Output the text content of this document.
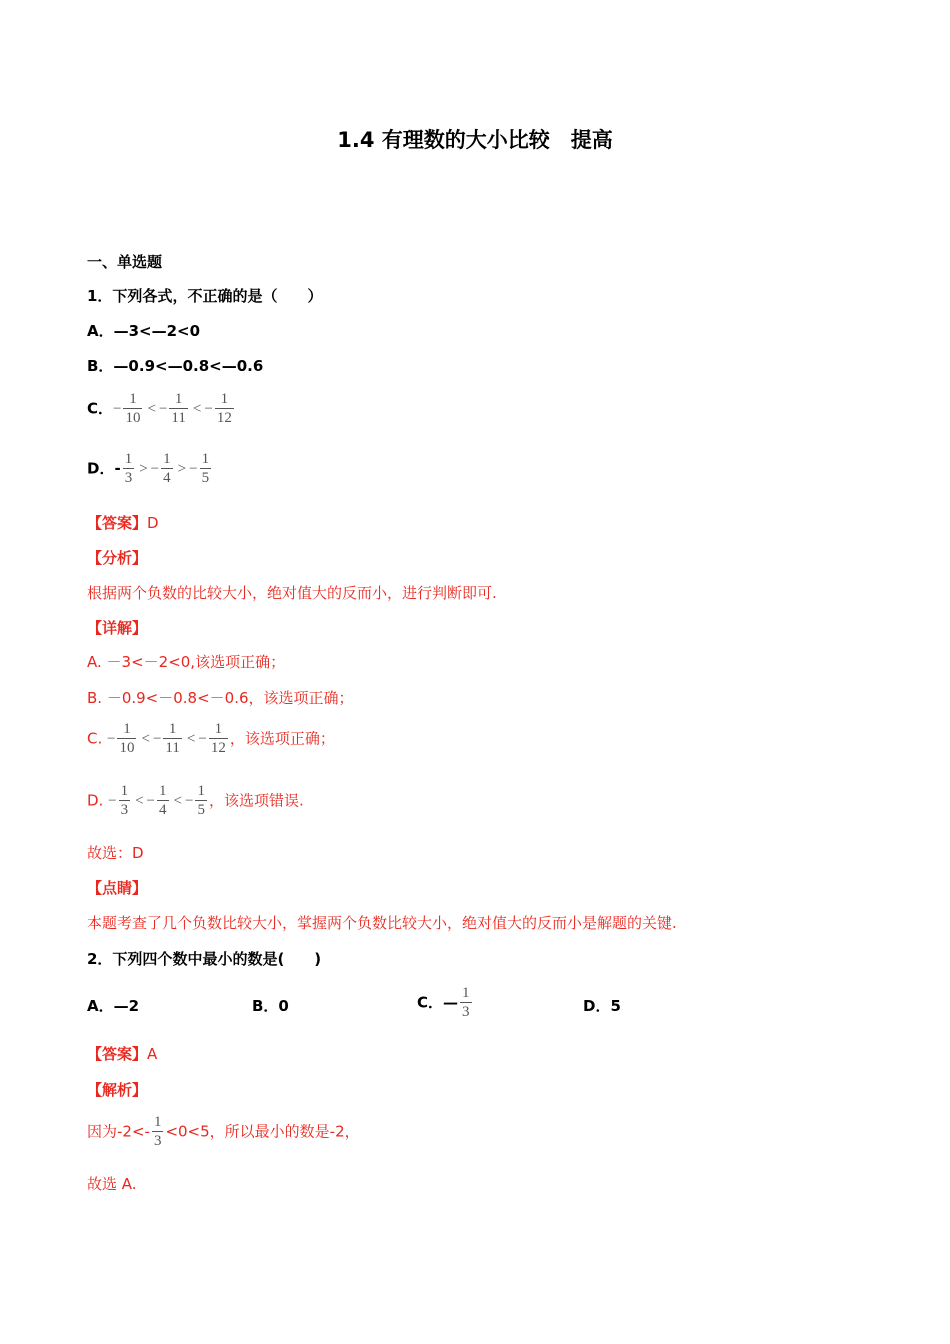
1.4 有理数的大小比较　提高
一、单选题
1．下列各式，不正确的是（　　）
A．—3<—2<0
B．—0.9<—0.8<—0.6
C． − $\frac{1}{10}$ < − $\frac{1}{11}$ < − $\frac{1}{12}$
D．- $\frac{1}{3}$ > − $\frac{1}{4}$ > − $\frac{1}{5}$
【答案】D
【分析】
根据两个负数的比较大小，绝对值大的反而小，进行判断即可.
【详解】
A. －3<－2<0,该选项正确；
B. －0.9<－0.8<－0.6，该选项正确；
C. − $\frac{1}{10}$ < − $\frac{1}{11}$ < − $\frac{1}{12}$ ，该选项正确；
D. − $\frac{1}{3}$ < − $\frac{1}{4}$ < − $\frac{1}{5}$ ，该选项错误.
故选：D
【点睛】
本题考查了几个负数比较大小，掌握两个负数比较大小，绝对值大的反而小是解题的关键.
2．下列四个数中最小的数是(　　)
A．—2	B．0	C．— $\frac{1}{3}$	D．5
【答案】A
【解析】
因为$-2<- \frac{1}{3} <0<5$，所以最小的数是-2，
故选 A.
